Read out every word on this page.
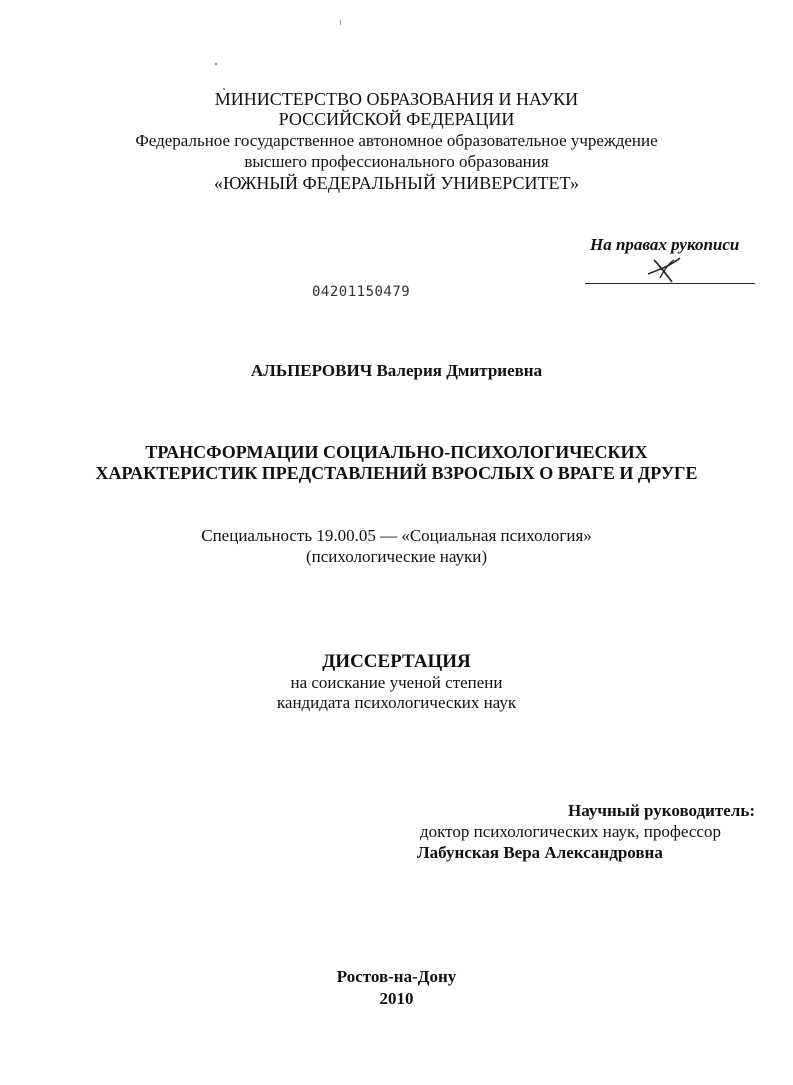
МИНИСТЕРСТВО ОБРАЗОВАНИЯ И НАУКИ
РОССИЙСКОЙ ФЕДЕРАЦИИ
Федеральное государственное автономное образовательное учреждение
высшего профессионального образования
«ЮЖНЫЙ ФЕДЕРАЛЬНЫЙ УНИВЕРСИТЕТ»
На правах рукописи
04201150479
АЛЬПЕРОВИЧ Валерия Дмитриевна
ТРАНСФОРМАЦИИ СОЦИАЛЬНО-ПСИХОЛОГИЧЕСКИХ
ХАРАКТЕРИСТИК ПРЕДСТАВЛЕНИЙ ВЗРОСЛЫХ О ВРАГЕ И ДРУГЕ
Специальность 19.00.05 — «Социальная психология»
(психологические науки)
ДИССЕРТАЦИЯ
на соискание ученой степени
кандидата психологических наук
Научный руководитель:
доктор психологических наук, профессор
Лабунская Вера Александровна
Ростов-на-Дону
2010
